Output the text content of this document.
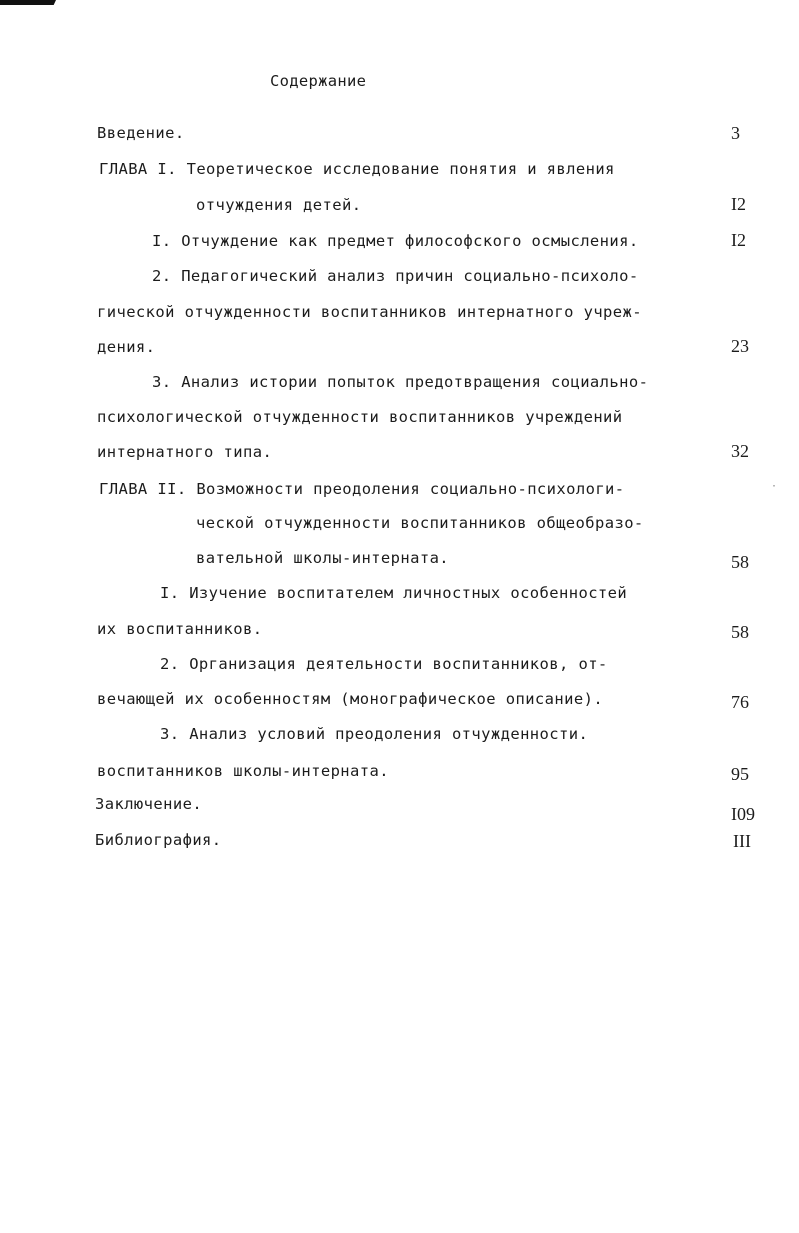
Содержание
Введение.	3
ГЛАВА I. Теоретическое исследование понятия и явления
отчуждения детей.	I2
I. Отчуждение как предмет философского осмысления.	I2
2. Педагогический анализ причин социально-психоло-
гической отчужденности воспитанников интернатного учреж-
дения.	23
3. Анализ истории попыток предотвращения социально-
психологической отчужденности воспитанников учреждений
интернатного типа.	32
ГЛАВА II. Возможности преодоления социально-психологи-
ческой отчужденности воспитанников общеобразо-
вательной школы-интерната.	58
I. Изучение воспитателем личностных особенностей
их воспитанников.	58
2. Организация деятельности воспитанников, от-
вечающей их особенностям (монографическое описание).	76
3. Анализ условий преодоления отчужденности.
воспитанников школы-интерната.	95
Заключение.	I09
Библиография.	III
·
